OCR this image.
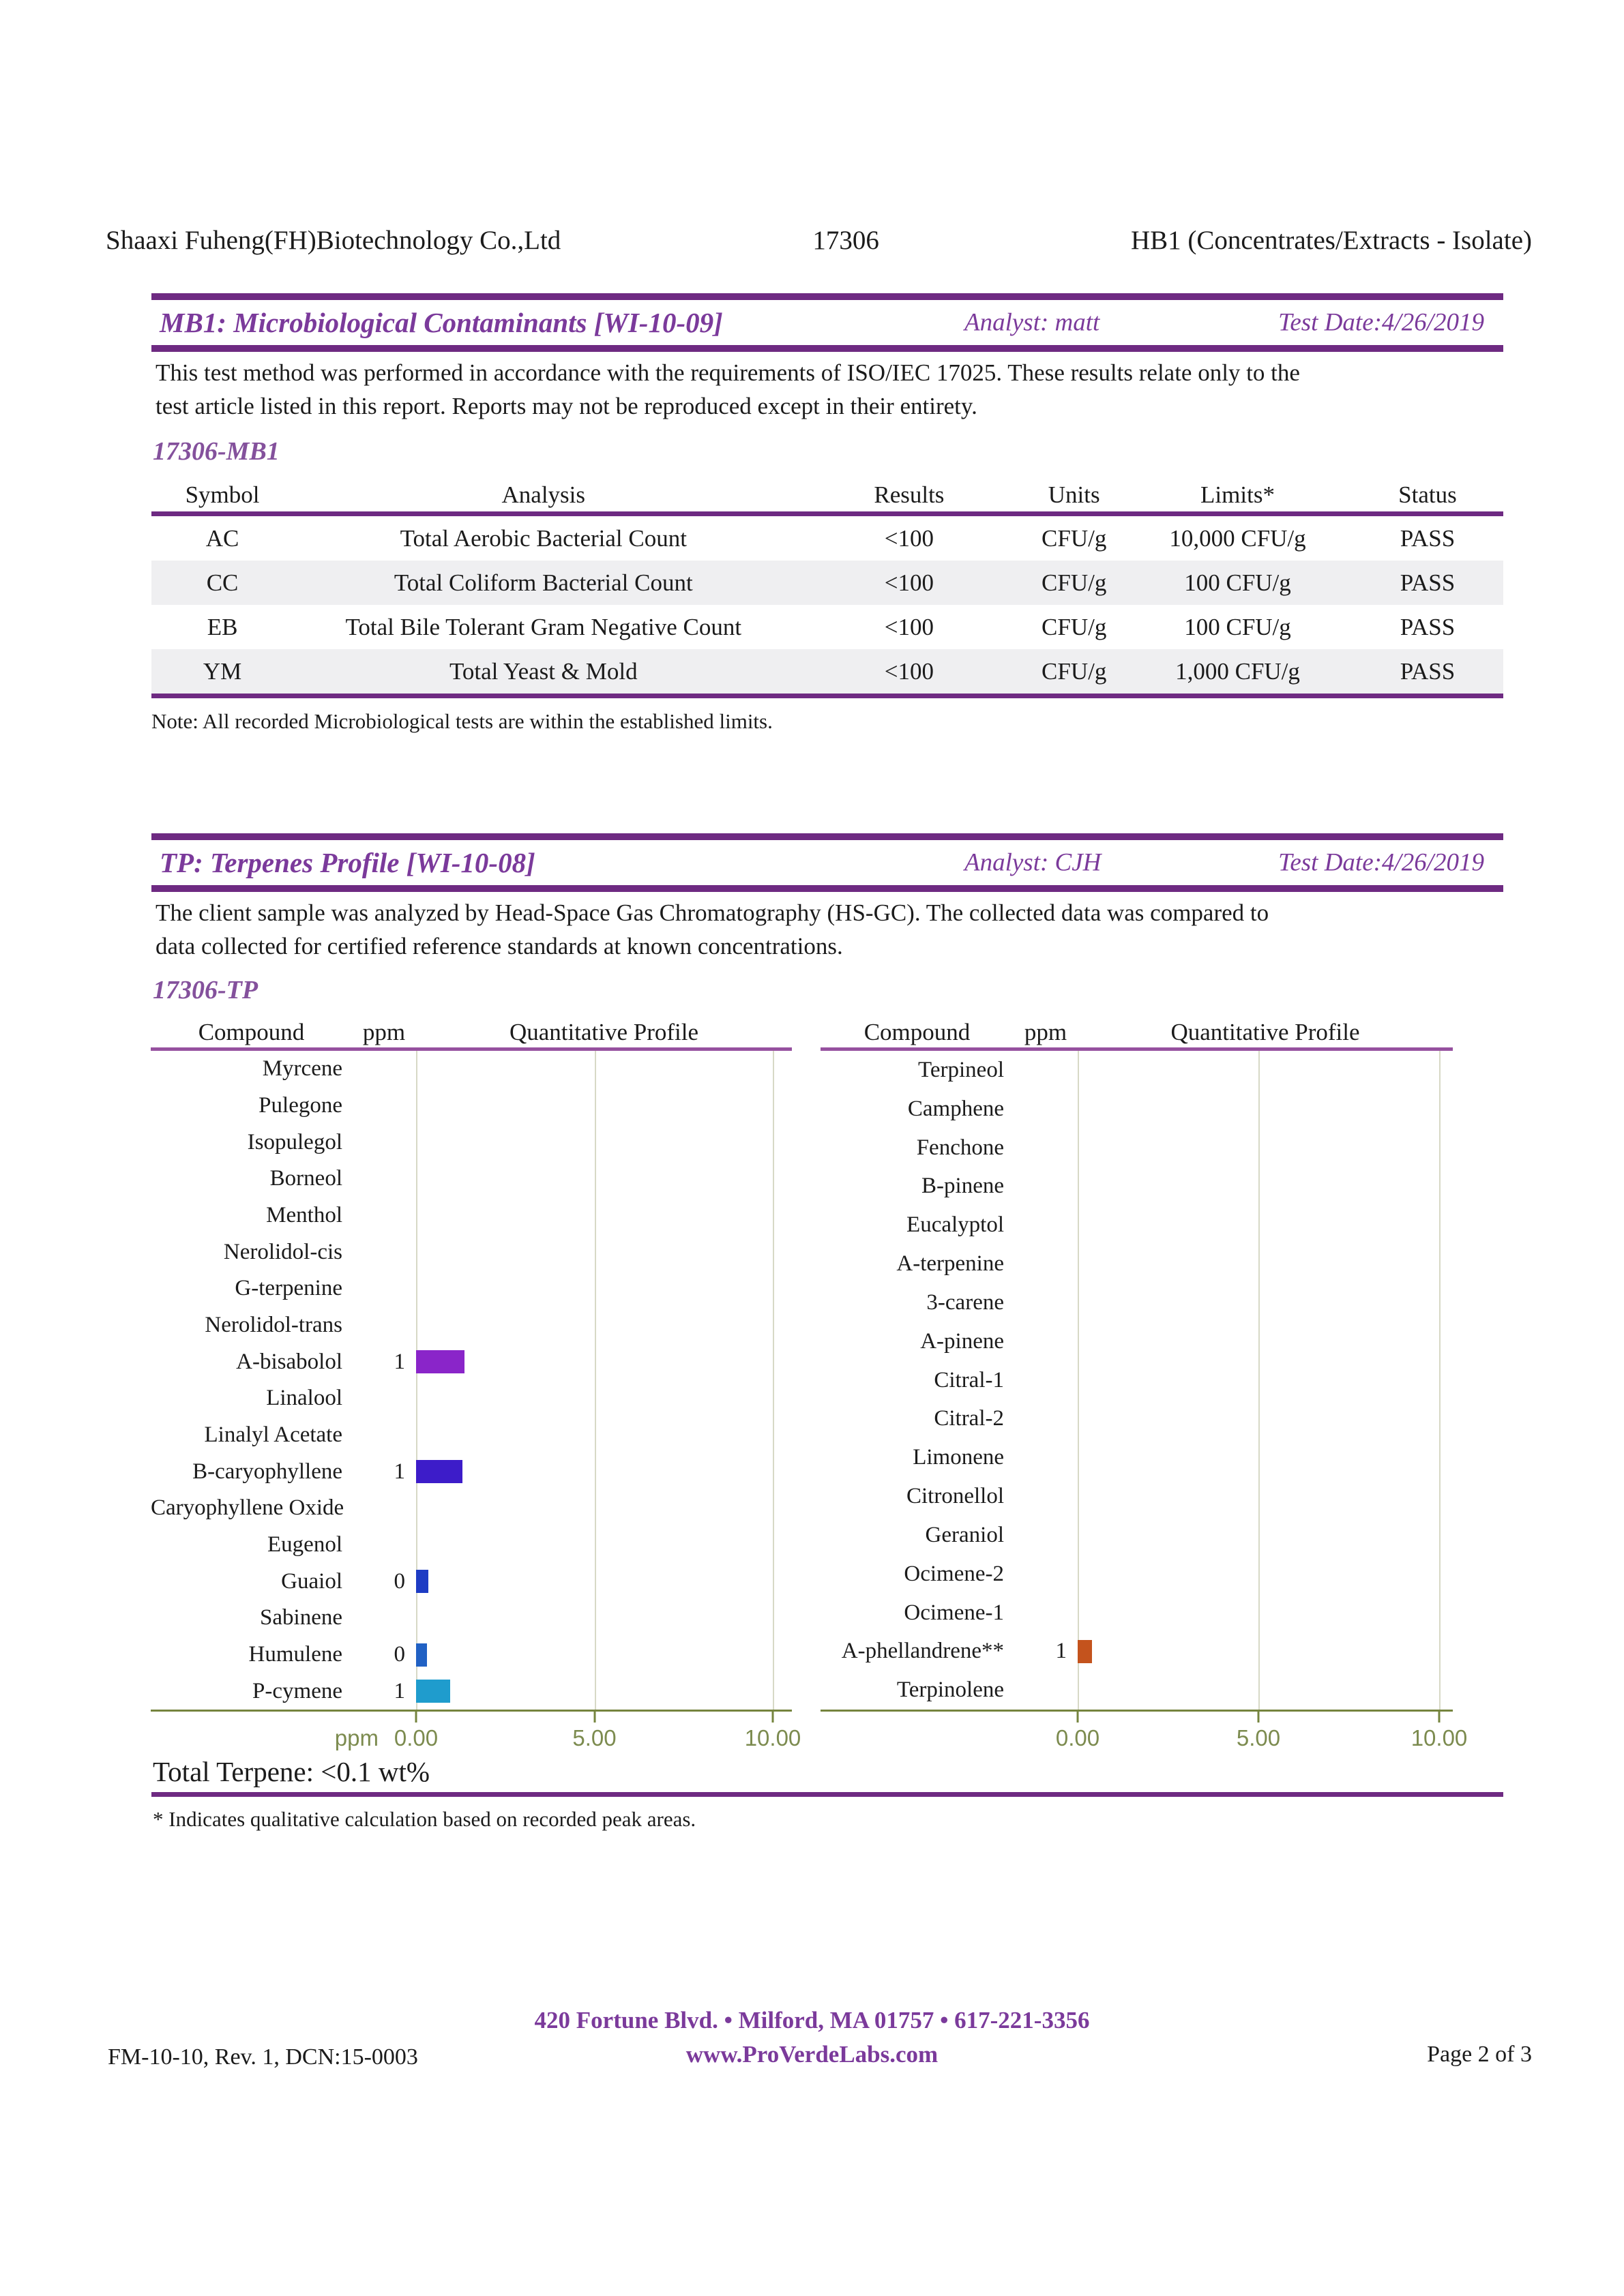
Shaaxi Fuheng(FH)Biotechnology Co.,Ltd	17306	HB1 (Concentrates/Extracts - Isolate)
MB1: Microbiological Contaminants [WI-10-09]	Analyst: matt	Test Date:4/26/2019
This test method was performed in accordance with the requirements of ISO/IEC 17025. These results relate only to the
test article listed in this report. Reports may not be reproduced except in their entirety.
17306-MB1
Symbol	Analysis	Results	Units	Limits*	Status
AC	Total Aerobic Bacterial Count	<100	CFU/g	10,000 CFU/g	PASS
CC	Total Coliform Bacterial Count	<100	CFU/g	100 CFU/g	PASS
EB	Total Bile Tolerant Gram Negative Count	<100	CFU/g	100 CFU/g	PASS
YM	Total Yeast & Mold	<100	CFU/g	1,000 CFU/g	PASS
Note: All recorded Microbiological tests are within the established limits.
TP: Terpenes Profile [WI-10-08]	Analyst: CJH	Test Date:4/26/2019
The client sample was analyzed by Head-Space Gas Chromatography (HS-GC). The collected data was compared to
data collected for certified reference standards at known concentrations.
17306-TP
Compound	ppm	Quantitative Profile
Myrcene
Pulegone
Isopulegol
Borneol
Menthol
Nerolidol-cis
G-terpenine
Nerolidol-trans
A-bisabolol	1
Linalool
Linalyl Acetate
B-caryophyllene	1
Caryophyllene Oxide
Eugenol
Guaiol	0
Sabinene
Humulene	0
P-cymene	1
0.00	5.00	10.00
ppm
Compound	ppm	Quantitative Profile
Terpineol
Camphene
Fenchone
B-pinene
Eucalyptol
A-terpenine
3-carene
A-pinene
Citral-1
Citral-2
Limonene
Citronellol
Geraniol
Ocimene-2
Ocimene-1
A-phellandrene**	1
Terpinolene
0.00	5.00	10.00
Total Terpene: <0.1 wt%
* Indicates qualitative calculation based on recorded peak areas.
420 Fortune Blvd. • Milford, MA 01757 • 617-221-3356
www.ProVerdeLabs.com
FM-10-10, Rev. 1, DCN:15-0003	Page 2 of 3
